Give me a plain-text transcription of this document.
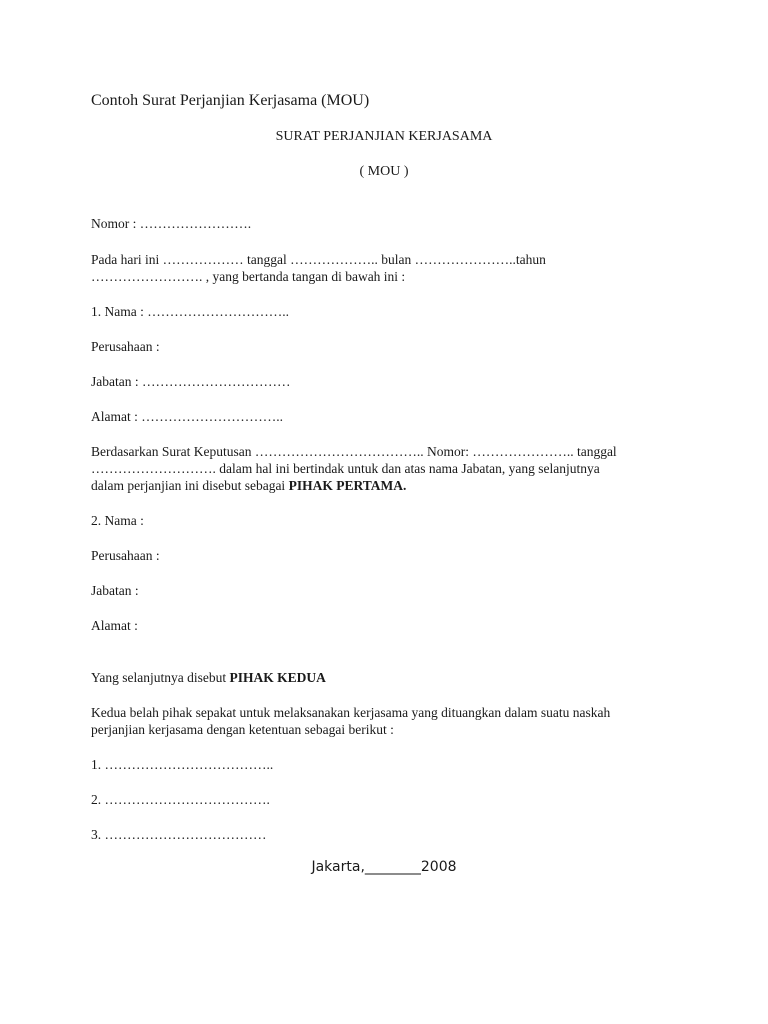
Contoh Surat Perjanjian Kerjasama (MOU)

SURAT PERJANJIAN KERJASAMA

( MOU )

Nomor : …………………….

Pada hari ini ……………… tanggal ……………….. bulan …………………..tahun

……………………. , yang bertanda tangan di bawah ini :

1. Nama : …………………………..

Perusahaan :

Jabatan : ……………………………

Alamat : …………………………..

Berdasarkan Surat Keputusan ……………………………….. Nomor: ………………….. tanggal

………………………. dalam hal ini bertindak untuk dan atas nama Jabatan, yang selanjutnya

dalam perjanjian ini disebut sebagai PIHAK PERTAMA.

2. Nama :

Perusahaan :

Jabatan :

Alamat :

Yang selanjutnya disebut PIHAK KEDUA

Kedua belah pihak sepakat untuk melaksanakan kerjasama yang dituangkan dalam suatu naskah

perjanjian kerjasama dengan ketentuan sebagai berikut :

1. ………………………………..

2. ……………………………….

3. ………………………………

Jakarta,________2008
